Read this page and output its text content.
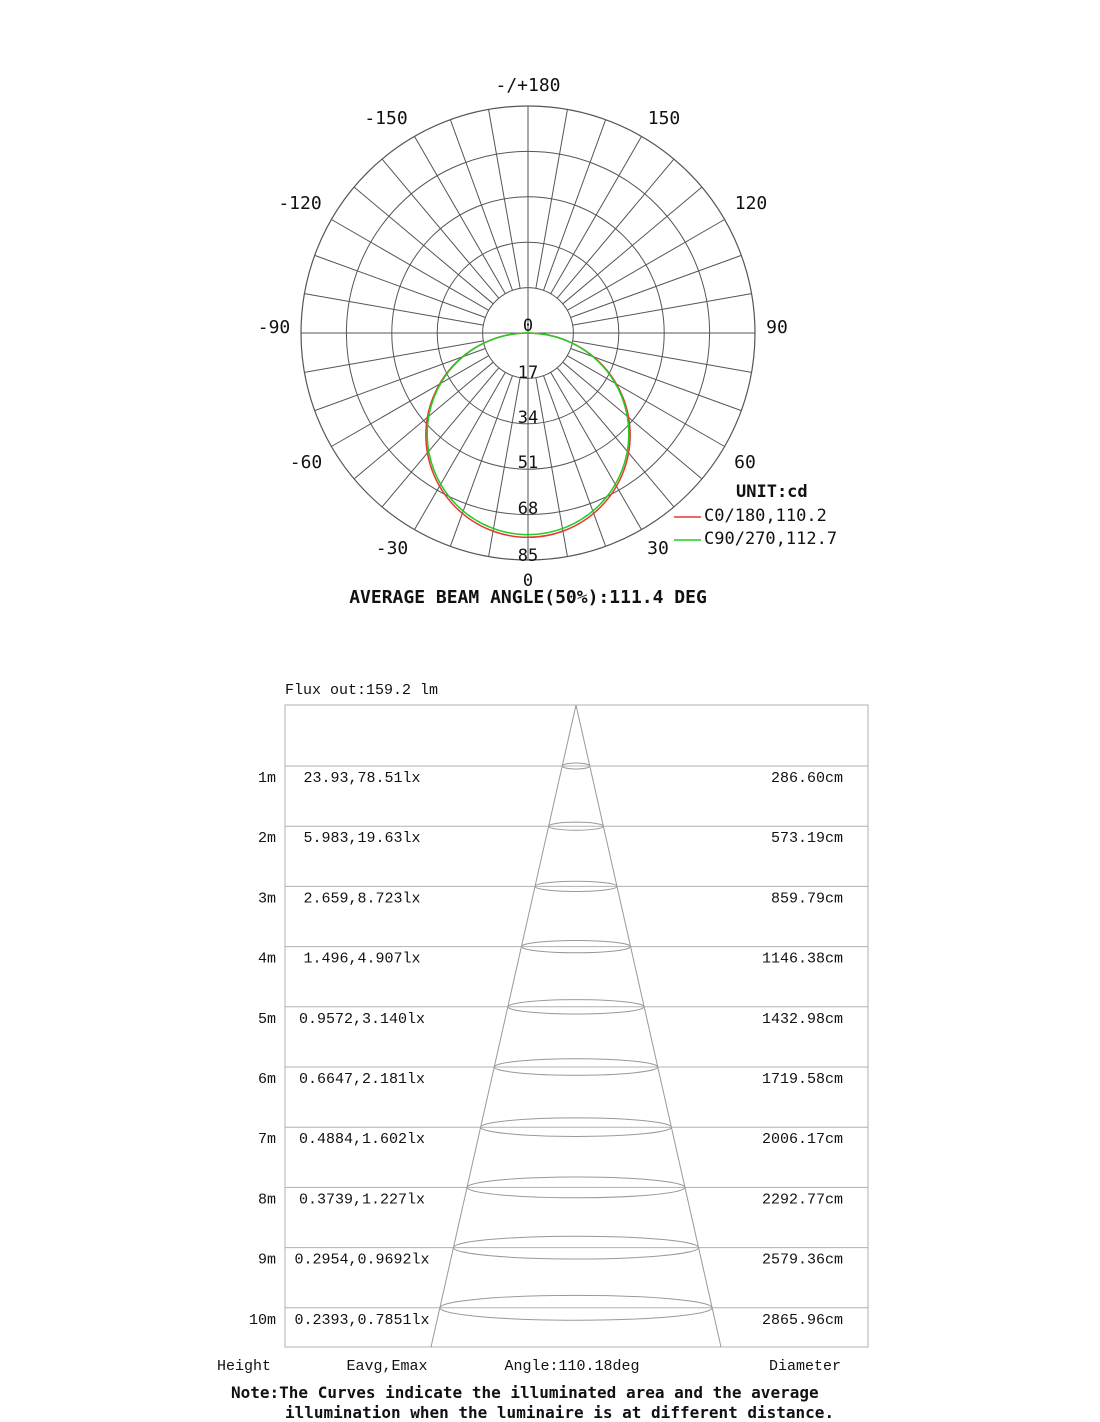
-/+180
-150	150
-120	120
-90	90
-60	60
-30	30
0
0
17
34
51
68
85
UNIT:cd
C0/180,110.2
C90/270,112.7
AVERAGE BEAM ANGLE(50%):111.4 DEG
Flux out:159.2 lm
1m 23.93,78.51lx	286.60cm
2m 5.983,19.63lx	573.19cm
3m 2.659,8.723lx	859.79cm
4m 1.496,4.907lx	1146.38cm
5m 0.9572,3.140lx	1432.98cm
6m 0.6647,2.181lx	1719.58cm
7m 0.4884,1.602lx	2006.17cm
8m 0.3739,1.227lx	2292.77cm
9m 0.2954,0.9692lx	2579.36cm
10m 0.2393,0.7851lx	2865.96cm
Height	Eavg,Emax	Angle:110.18deg	Diameter
Note:The Curves indicate the illuminated area and the average
illumination when the luminaire is at different distance.
